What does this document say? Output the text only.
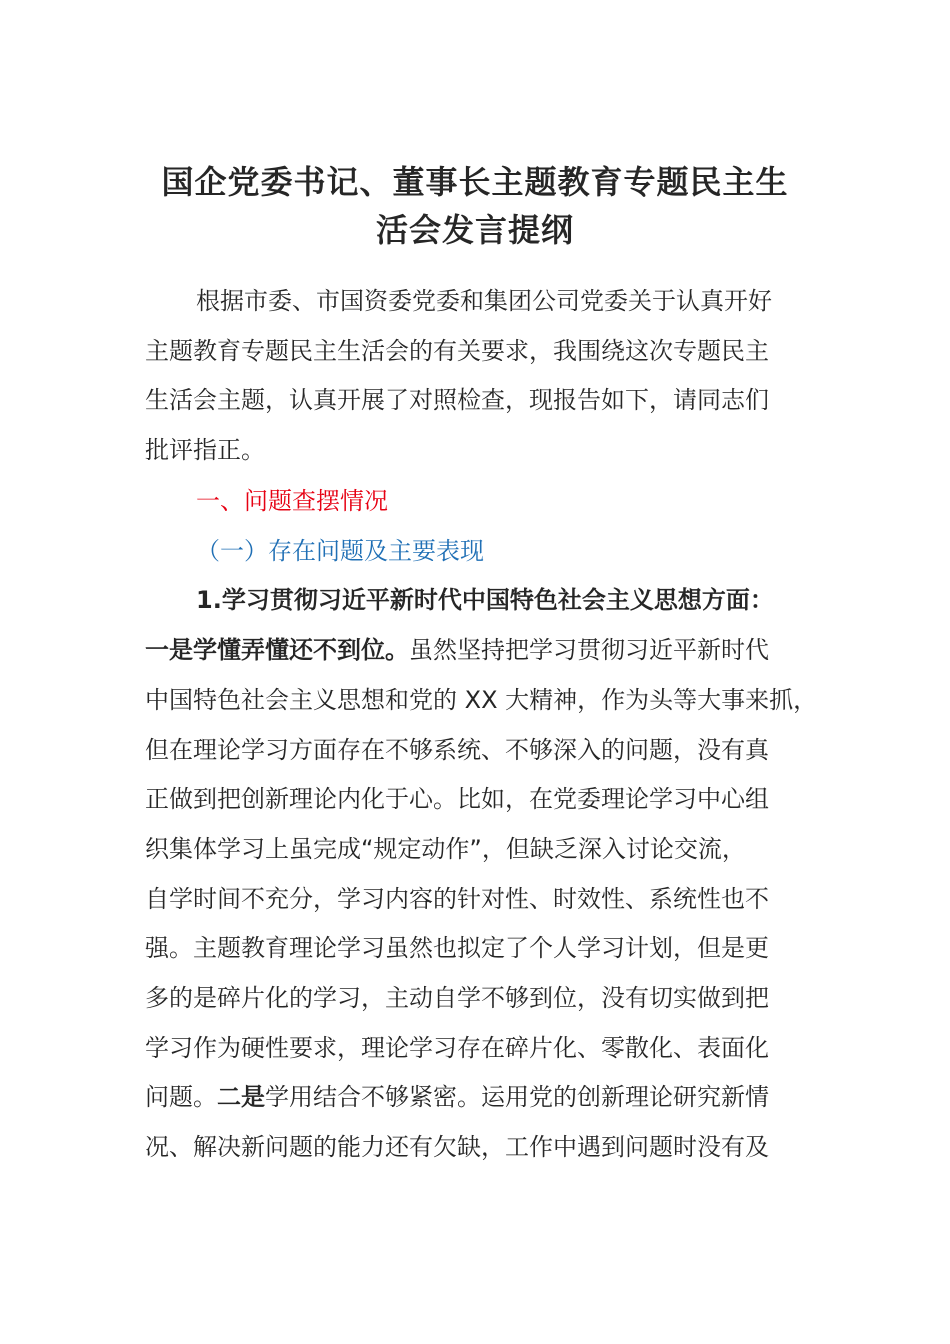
国企党委书记、董事长主题教育专题民主生
活会发言提纲
根据市委、市国资委党委和集团公司党委关于认真开好
主题教育专题民主生活会的有关要求，我围绕这次专题民主
生活会主题，认真开展了对照检查，现报告如下，请同志们
批评指正。
一、问题查摆情况
（一）存在问题及主要表现
1.学习贯彻习近平新时代中国特色社会主义思想方面：
一是学懂弄懂还不到位。虽然坚持把学习贯彻习近平新时代
中国特色社会主义思想和党的 XX 大精神，作为头等大事来抓，
但在理论学习方面存在不够系统、不够深入的问题，没有真
正做到把创新理论内化于心。比如，在党委理论学习中心组
织集体学习上虽完成“规定动作”，但缺乏深入讨论交流，
自学时间不充分，学习内容的针对性、时效性、系统性也不
强。主题教育理论学习虽然也拟定了个人学习计划，但是更
多的是碎片化的学习，主动自学不够到位，没有切实做到把
学习作为硬性要求，理论学习存在碎片化、零散化、表面化
问题。二是学用结合不够紧密。运用党的创新理论研究新情
况、解决新问题的能力还有欠缺，工作中遇到问题时没有及
